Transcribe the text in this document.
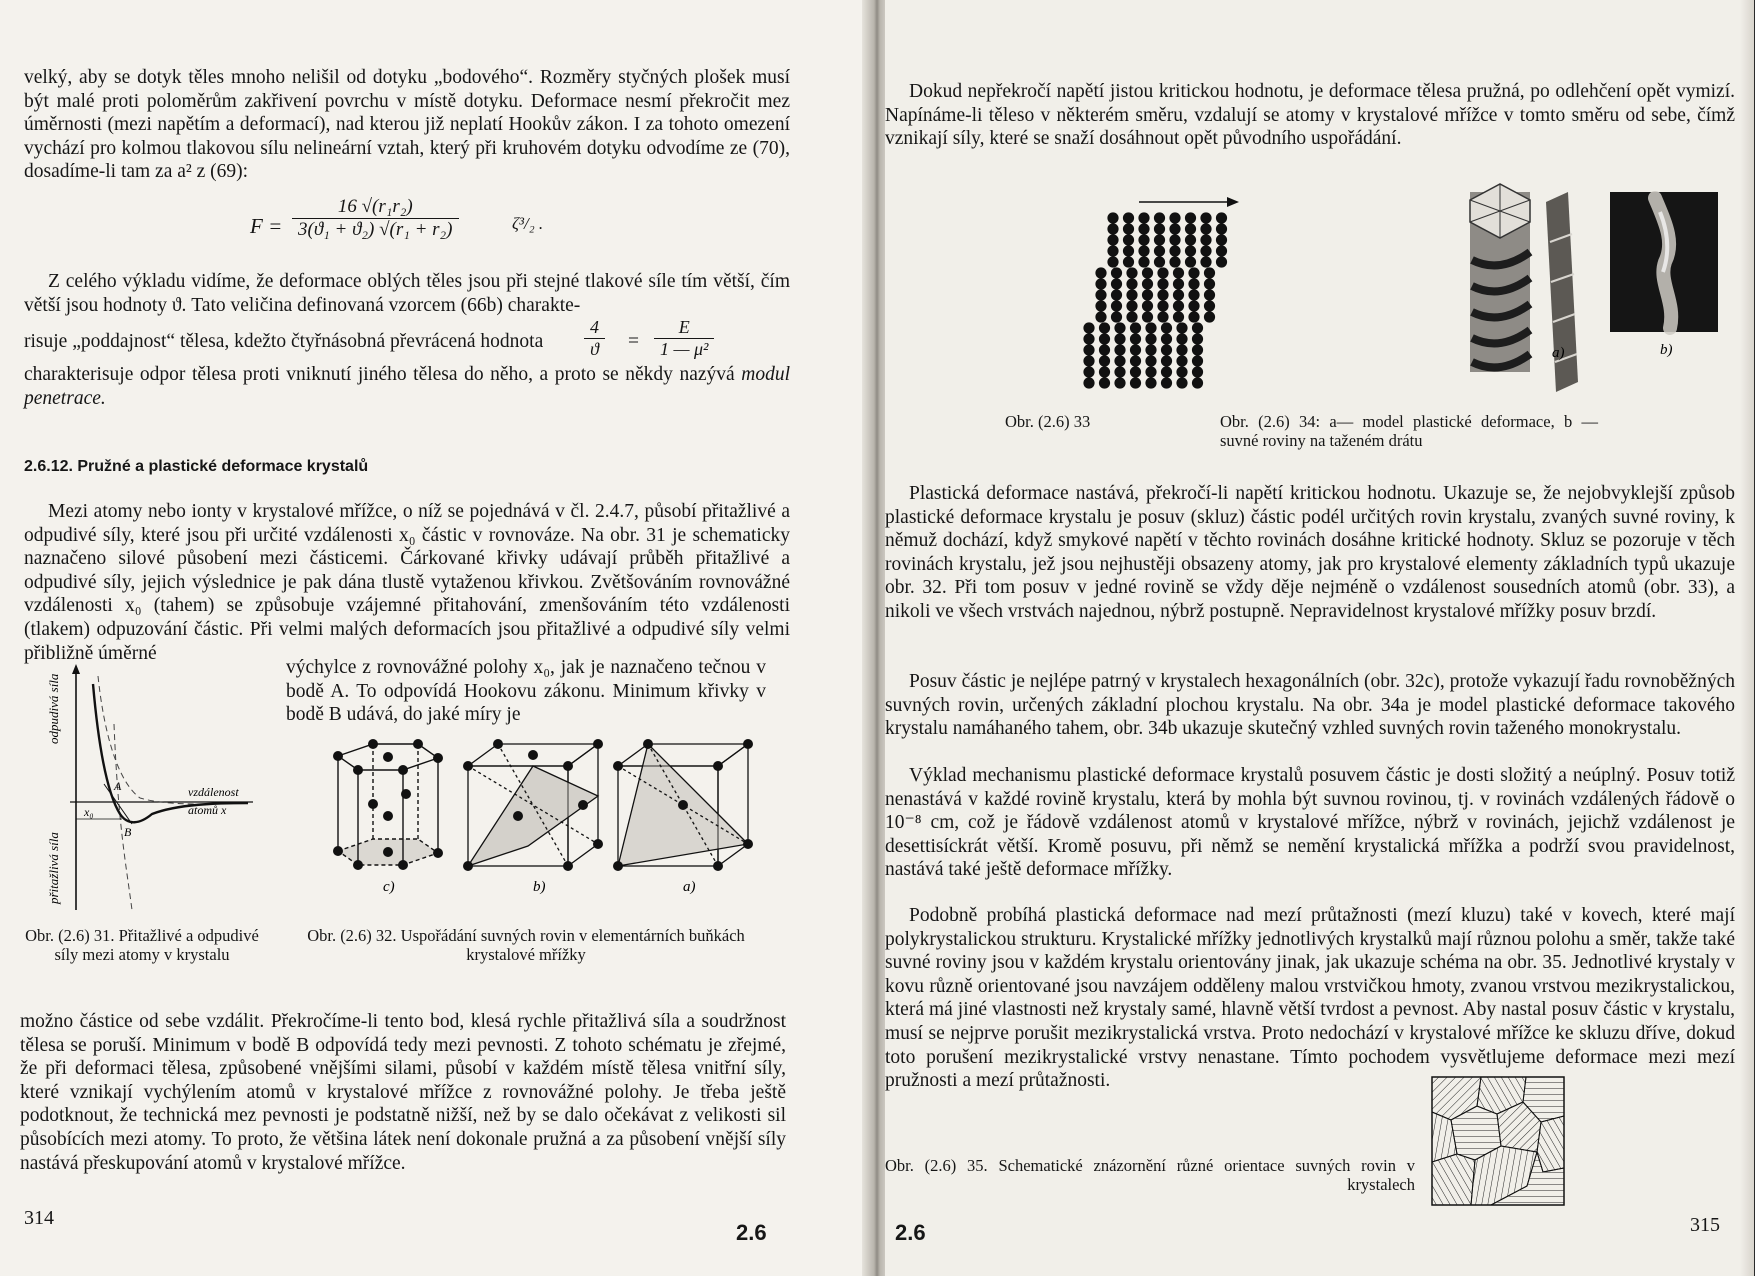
velký, aby se dotyk těles mnoho nelišil od dotyku „bodového“. Rozměry styčných plošek musí být malé proti poloměrům zakřivení povrchu v místě dotyku. Deformace nesmí překročit mez úměrnosti (mezi napětím a deformací), nad kterou již neplatí Hookův zákon. I za tohoto omezení vychází pro kolmou tlakovou sílu nelineární vztah, který při kruhovém dotyku odvodíme ze (70), dosadíme-li tam za a² z (69):

$F = \frac{\text{16 √(r₁r₂)}}{\text{3(ϑ₁ + ϑ₂) √(r₁ + r₂)}}$	ζ³/₂ .

Z celého výkladu vidíme, že deformace oblých těles jsou při stejné tlakové síle tím větší, čím větší jsou hodnoty ϑ. Tato veličina definovaná vzorcem (66b) charakte-

risuje „poddajnost“ tělesa, kdežto čtyřnásobná převrácená hodnota $\frac{4}{ϑ} = \frac{E}{\text{1 — μ²}}$

charakterisuje odpor tělesa proti vniknutí jiného tělesa do něho, a proto se někdy nazývá modul penetrace.

2.6.12. Pružné a plastické deformace krystalů

Mezi atomy nebo ionty v krystalové mřížce, o níž se pojednává v čl. 2.4.7, působí přitažlivé a odpudivé síly, které jsou při určité vzdálenosti x₀ částic v rovnováze. Na obr. 31 je schematicky naznačeno silové působení mezi částicemi. Čárkované křivky udávají průběh přitažlivé a odpudivé síly, jejich výslednice je pak dána tlustě vytaženou křivkou. Zvětšováním rovnovážné vzdálenosti x₀ (tahem) se způsobuje vzájemné přitahování, zmenšováním této vzdálenosti (tlakem) odpuzování částic. Při velmi malých deformacích jsou přitažlivé a odpudivé síly velmi přibližně úměrné

odpudivá síla
přitažlivá síla
x₀
A
B
vzdálenost
atomů x

výchylce z rovnovážné polohy x₀, jak je naznačeno tečnou v bodě A. To odpovídá Hookovu zákonu. Minimum křivky v bodě B udává, do jaké míry je

c)	b)	a)
Obr. (2.6) 31. Přitažlivé a odpudivé síly mezi atomy v krystalu
Obr. (2.6) 32. Uspořádání suvných rovin v elementárních buňkách krystalové mřížky

možno částice od sebe vzdálit. Překročíme-li tento bod, klesá rychle přitažlivá síla a soudržnost tělesa se poruší. Minimum v bodě B odpovídá tedy mezi pevnosti. Z tohoto schématu je zřejmé, že při deformaci tělesa, způsobené vnějšími silami, působí v každém místě tělesa vnitřní síly, které vznikají vychýlením atomů v krystalové mřížce z rovnovážné polohy. Je třeba ještě podotknout, že technická mez pevnosti je podstatně nižší, než by se dalo očekávat z velikosti sil působících mezi atomy. To proto, že většina látek není dokonale pružná a za působení vnější síly nastává přeskupování atomů v krystalové mřížce.

314
2.6

Dokud nepřekročí napětí jistou kritickou hodnotu, je deformace tělesa pružná, po odlehčení opět vymizí. Napínáme-li těleso v některém směru, vzdalují se atomy v krystalové mřížce v tomto směru od sebe, čímž vznikají síly, které se snaží dosáhnout opět původního uspořádání.

a)	b)
Obr. (2.6) 33	Obr. (2.6) 34: a— model plastické deformace, b — suvné roviny na taženém drátu

Plastická deformace nastává, překročí-li napětí kritickou hodnotu. Ukazuje se, že nejobvyklejší způsob plastické deformace krystalu je posuv (skluz) částic podél určitých rovin krystalu, zvaných suvné roviny, k němuž dochází, když smykové napětí v těchto rovinách dosáhne kritické hodnoty. Skluz se pozoruje v těch rovinách krystalu, jež jsou nejhustěji obsazeny atomy, jak pro krystalové elementy základních typů ukazuje obr. 32. Při tom posuv v jedné rovině se vždy děje nejméně o vzdálenost sousedních atomů (obr. 33), a nikoli ve všech vrstvách najednou, nýbrž postupně. Nepravidelnost krystalové mřížky posuv brzdí.

Posuv částic je nejlépe patrný v krystalech hexagonálních (obr. 32c), protože vykazují řadu rovnoběžných suvných rovin, určených základní plochou krystalu. Na obr. 34a je model plastické deformace takového krystalu namáhaného tahem, obr. 34b ukazuje skutečný vzhled suvných rovin taženého monokrystalu.

Výklad mechanismu plastické deformace krystalů posuvem částic je dosti složitý a neúplný. Posuv totiž nenastává v každé rovině krystalu, která by mohla být suvnou rovinou, tj. v rovinách vzdálených řádově o 10⁻⁸ cm, což je řádově vzdálenost atomů v krystalové mřížce, nýbrž v rovinách, jejichž vzdálenost je desettisíckrát větší. Kromě posuvu, při němž se nemění krystalická mřížka a podrží svou pravidelnost, nastává také ještě deformace mřížky.

Podobně probíhá plastická deformace nad mezí průtažnosti (mezí kluzu) také v kovech, které mají polykrystalickou strukturu. Krystalické mřížky jednotlivých krystalků mají různou polohu a směr, takže také suvné roviny jsou v každém krystalu orientovány jinak, jak ukazuje schéma na obr. 35. Jednotlivé krystaly v kovu různě orientované jsou navzájem odděleny malou vrstvičkou hmoty, zvanou vrstvou mezikrystalickou, která má jiné vlastnosti než krystaly samé, hlavně větší tvrdost a pevnost. Aby nastal posuv částic v krystalu, musí se nejprve porušit mezikrystalická vrstva. Proto nedochází v krystalové mřížce ke skluzu dříve, dokud toto porušení mezikrystalické vrstvy nenastane. Tímto pochodem vysvětlujeme deformace mezi mezí pružnosti a mezí průtažnosti.

Obr. (2.6) 35. Schematické znázornění různé orientace suvných rovin v krystalech
2.6	315
